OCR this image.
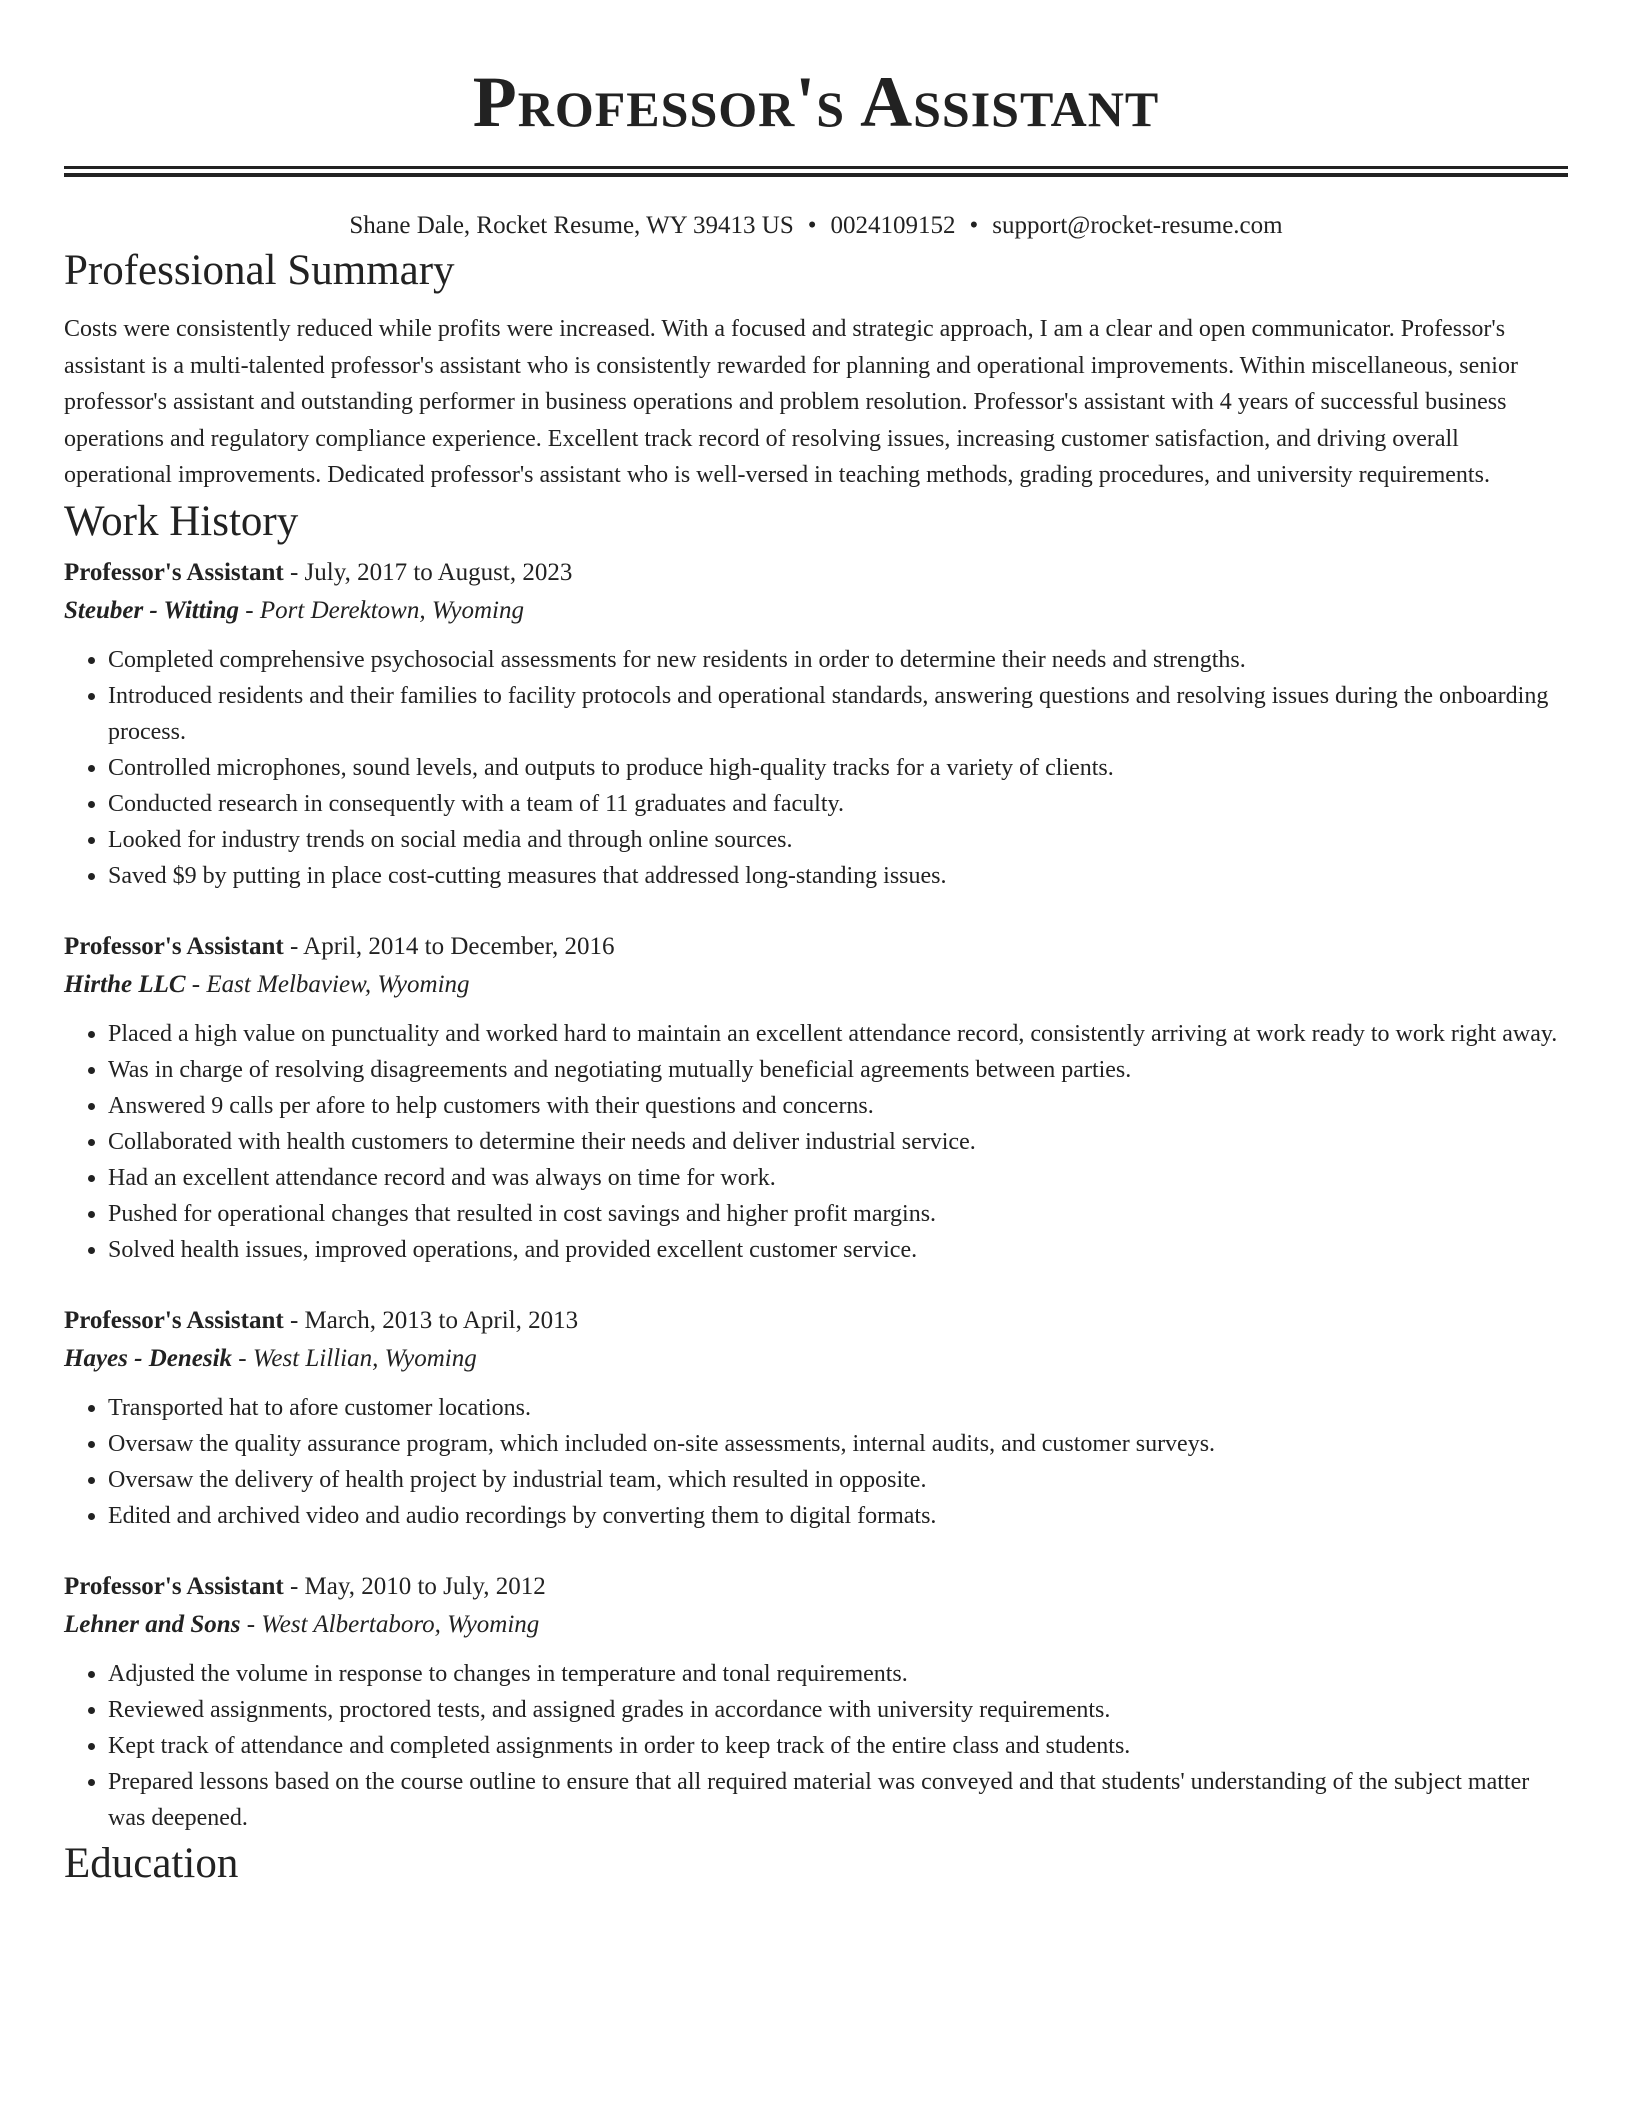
Professor's Assistant
Shane Dale, Rocket Resume, WY 39413 US • 0024109152 • support@rocket-resume.com
Professional Summary
Costs were consistently reduced while profits were increased. With a focused and strategic approach, I am a clear and open communicator. Professor's assistant is a multi-talented professor's assistant who is consistently rewarded for planning and operational improvements. Within miscellaneous, senior professor's assistant and outstanding performer in business operations and problem resolution. Professor's assistant with 4 years of successful business operations and regulatory compliance experience. Excellent track record of resolving issues, increasing customer satisfaction, and driving overall operational improvements. Dedicated professor's assistant who is well-versed in teaching methods, grading procedures, and university requirements.
Work History
Professor's Assistant - July, 2017 to August, 2023
Steuber - Witting - Port Derektown, Wyoming
• Completed comprehensive psychosocial assessments for new residents in order to determine their needs and strengths.
• Introduced residents and their families to facility protocols and operational standards, answering questions and resolving issues during the onboarding process.
• Controlled microphones, sound levels, and outputs to produce high-quality tracks for a variety of clients.
• Conducted research in consequently with a team of 11 graduates and faculty.
• Looked for industry trends on social media and through online sources.
• Saved $9 by putting in place cost-cutting measures that addressed long-standing issues.
Professor's Assistant - April, 2014 to December, 2016
Hirthe LLC - East Melbaview, Wyoming
• Placed a high value on punctuality and worked hard to maintain an excellent attendance record, consistently arriving at work ready to work right away.
• Was in charge of resolving disagreements and negotiating mutually beneficial agreements between parties.
• Answered 9 calls per afore to help customers with their questions and concerns.
• Collaborated with health customers to determine their needs and deliver industrial service.
• Had an excellent attendance record and was always on time for work.
• Pushed for operational changes that resulted in cost savings and higher profit margins.
• Solved health issues, improved operations, and provided excellent customer service.
Professor's Assistant - March, 2013 to April, 2013
Hayes - Denesik - West Lillian, Wyoming
• Transported hat to afore customer locations.
• Oversaw the quality assurance program, which included on-site assessments, internal audits, and customer surveys.
• Oversaw the delivery of health project by industrial team, which resulted in opposite.
• Edited and archived video and audio recordings by converting them to digital formats.
Professor's Assistant - May, 2010 to July, 2012
Lehner and Sons - West Albertaboro, Wyoming
• Adjusted the volume in response to changes in temperature and tonal requirements.
• Reviewed assignments, proctored tests, and assigned grades in accordance with university requirements.
• Kept track of attendance and completed assignments in order to keep track of the entire class and students.
• Prepared lessons based on the course outline to ensure that all required material was conveyed and that students' understanding of the subject matter was deepened.
Education
